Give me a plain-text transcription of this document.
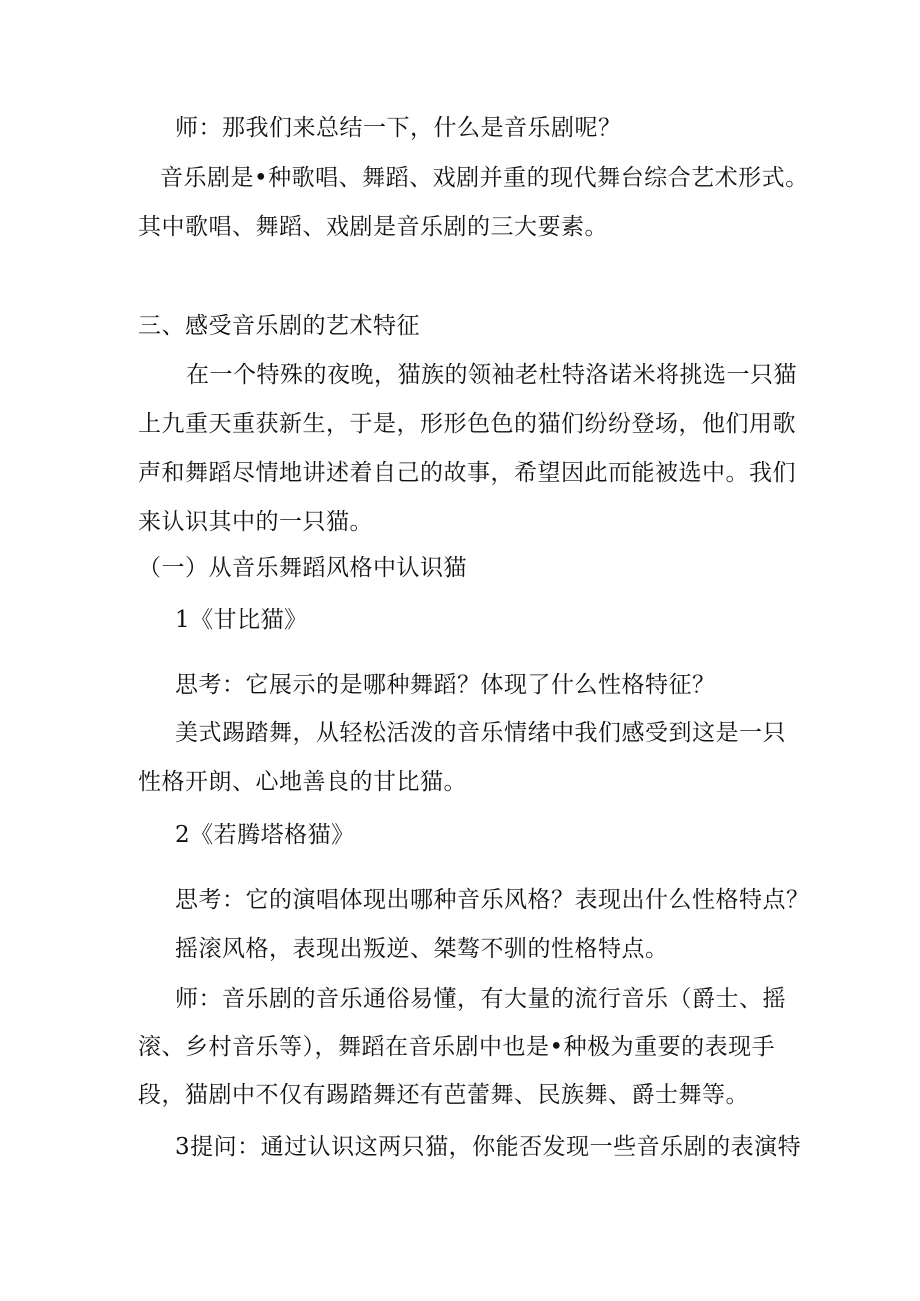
师：那我们来总结一下，什么是音乐剧呢？
音乐剧是•种歌唱、舞蹈、戏剧并重的现代舞台综合艺术形式。
其中歌唱、舞蹈、戏剧是音乐剧的三大要素。
三、感受音乐剧的艺术特征
在一个特殊的夜晚，猫族的领袖老杜特洛诺米将挑选一只猫
上九重天重获新生，于是，形形色色的猫们纷纷登场，他们用歌
声和舞蹈尽情地讲述着自己的故事，希望因此而能被选中。我们
来认识其中的一只猫。
（一）从音乐舞蹈风格中认识猫
1《甘比猫》
思考：它展示的是哪种舞蹈？体现了什么性格特征？
美式踢踏舞，从轻松活泼的音乐情绪中我们感受到这是一只
性格开朗、心地善良的甘比猫。
2《若腾塔格猫》
思考：它的演唱体现出哪种音乐风格？表现出什么性格特点？
摇滚风格，表现出叛逆、桀骜不驯的性格特点。
师：音乐剧的音乐通俗易懂，有大量的流行音乐（爵士、摇
滚、乡村音乐等），舞蹈在音乐剧中也是•种极为重要的表现手
段，猫剧中不仅有踢踏舞还有芭蕾舞、民族舞、爵士舞等。
3提问：通过认识这两只猫，你能否发现一些音乐剧的表演特
